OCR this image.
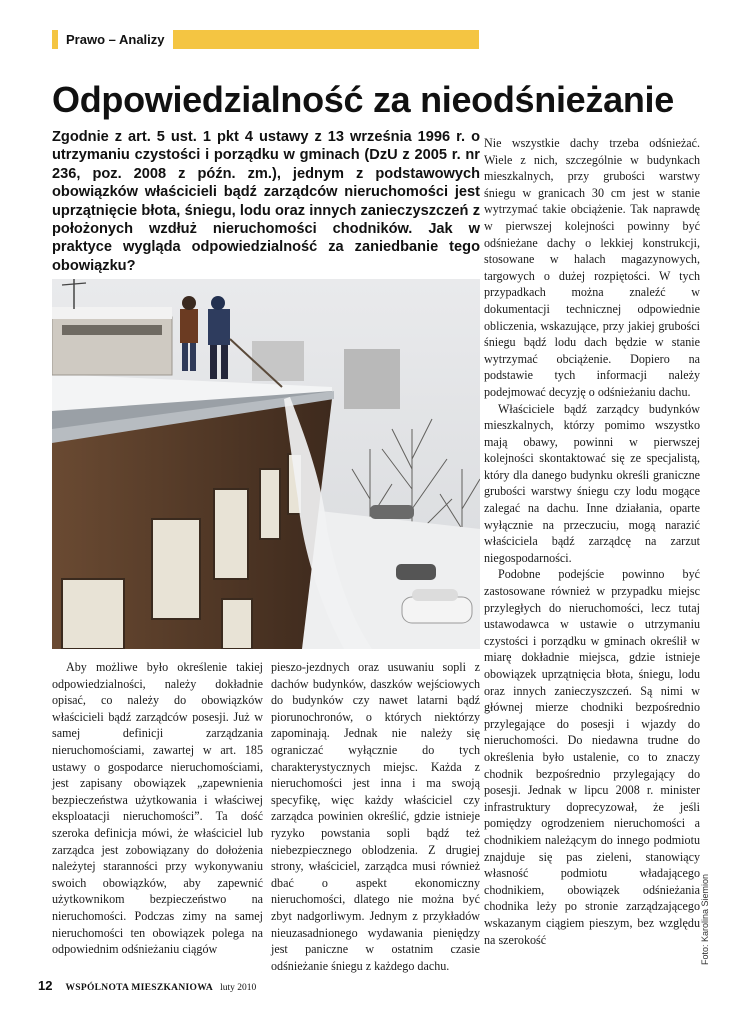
Prawo – Analizy
Odpowiedzialność za nieodśnieżanie

Zgodnie z art. 5 ust. 1 pkt 4 ustawy z 13 września 1996 r. o utrzymaniu czystości i porządku w gminach (DzU z 2005 r. nr 236, poz. 2008 z późn. zm.), jednym z podstawowych obowiązków właścicieli bądź zarządców nieruchomości jest uprzątnięcie błota, śniegu, lodu oraz innych zanieczyszczeń z położonych wzdłuż nieruchomości chodników. Jak w praktyce wygląda odpowiedzialność za zaniedbanie tego obowiązku?

Aby możliwe było określenie takiej odpowiedzialności, należy dokładnie opisać, co należy do obowiązków właścicieli bądź zarządców posesji. Już w samej definicji zarządzania nieruchomościami, zawartej w art. 185 ustawy o gospodarce nieruchomościami, jest zapisany obowiązek „zapewnienia bezpieczeństwa użytkowania i właściwej eksploatacji nieruchomości”. Ta dość szeroka definicja mówi, że właściciel lub zarządca jest zobowiązany do dołożenia należytej staranności przy wykonywaniu swoich obowiązków, aby zapewnić użytkownikom bezpieczeństwo na nieruchomości. Podczas zimy na samej nieruchomości ten obowiązek polega na odpowiednim odśnieżaniu ciągów

pieszo-jezdnych oraz usuwaniu sopli z dachów budynków, daszków wejściowych do budynków czy nawet latarni bądź piorunochronów, o których niektórzy zapominają. Jednak nie należy się ograniczać wyłącznie do tych charakterystycznych miejsc. Każda z nieruchomości jest inna i ma swoją specyfikę, więc każdy właściciel czy zarządca powinien określić, gdzie istnieje ryzyko powstania sopli bądź też niebezpiecznego oblodzenia. Z drugiej strony, właściciel, zarządca musi również dbać o aspekt ekonomiczny nieruchomości, dlatego nie można być zbyt nadgorliwym. Jednym z przykładów nieuzasadnionego wydawania pieniędzy jest paniczne w ostatnim czasie odśnieżanie śniegu z każdego dachu.

Nie wszystkie dachy trzeba odśnieżać. Wiele z nich, szczególnie w budynkach mieszkalnych, przy grubości warstwy śniegu w granicach 30 cm jest w stanie wytrzymać takie obciążenie. Tak naprawdę w pierwszej kolejności powinny być odśnieżane dachy o lekkiej konstrukcji, stosowane w halach magazynowych, targowych o dużej rozpiętości. W tych przypadkach można znaleźć w dokumentacji technicznej odpowiednie obliczenia, wskazujące, przy jakiej grubości śniegu bądź lodu dach będzie w stanie wytrzymać obciążenie. Dopiero na podstawie tych informacji należy podejmować decyzję o odśnieżaniu dachu.

Właściciele bądź zarządcy budynków mieszkalnych, którzy pomimo wszystko mają obawy, powinni w pierwszej kolejności skontaktować się ze specjalistą, który dla danego budynku określi graniczne grubości warstwy śniegu czy lodu mogące zalegać na dachu. Inne działania, oparte wyłącznie na przeczuciu, mogą narazić właściciela bądź zarządcę na zarzut niegospodarności.

Podobne podejście powinno być zastosowane również w przypadku miejsc przyległych do nieruchomości, lecz tutaj ustawodawca w ustawie o utrzymaniu czystości i porządku w gminach określił w miarę dokładnie miejsca, gdzie istnieje obowiązek uprzątnięcia błota, śniegu, lodu oraz innych zanieczyszczeń. Są nimi w głównej mierze chodniki bezpośrednio przylegające do posesji i wjazdy do nieruchomości. Do niedawna trudne do określenia było ustalenie, co to znaczy chodnik bezpośrednio przylegający do posesji. Jednak w lipcu 2008 r. minister infrastruktury doprecyzował, że jeśli pomiędzy ogrodzeniem nieruchomości a chodnikiem należącym do innego podmiotu znajduje się pas zieleni, stanowiący własność podmiotu władającego chodnikiem, obowiązek odśnieżania chodnika leży po stronie zarządzającego wskazanym ciągiem pieszym, bez względu na szerokość	Foto: Karolina Siemion
12 WSPÓLNOTA MIESZKANIOWA luty 2010
